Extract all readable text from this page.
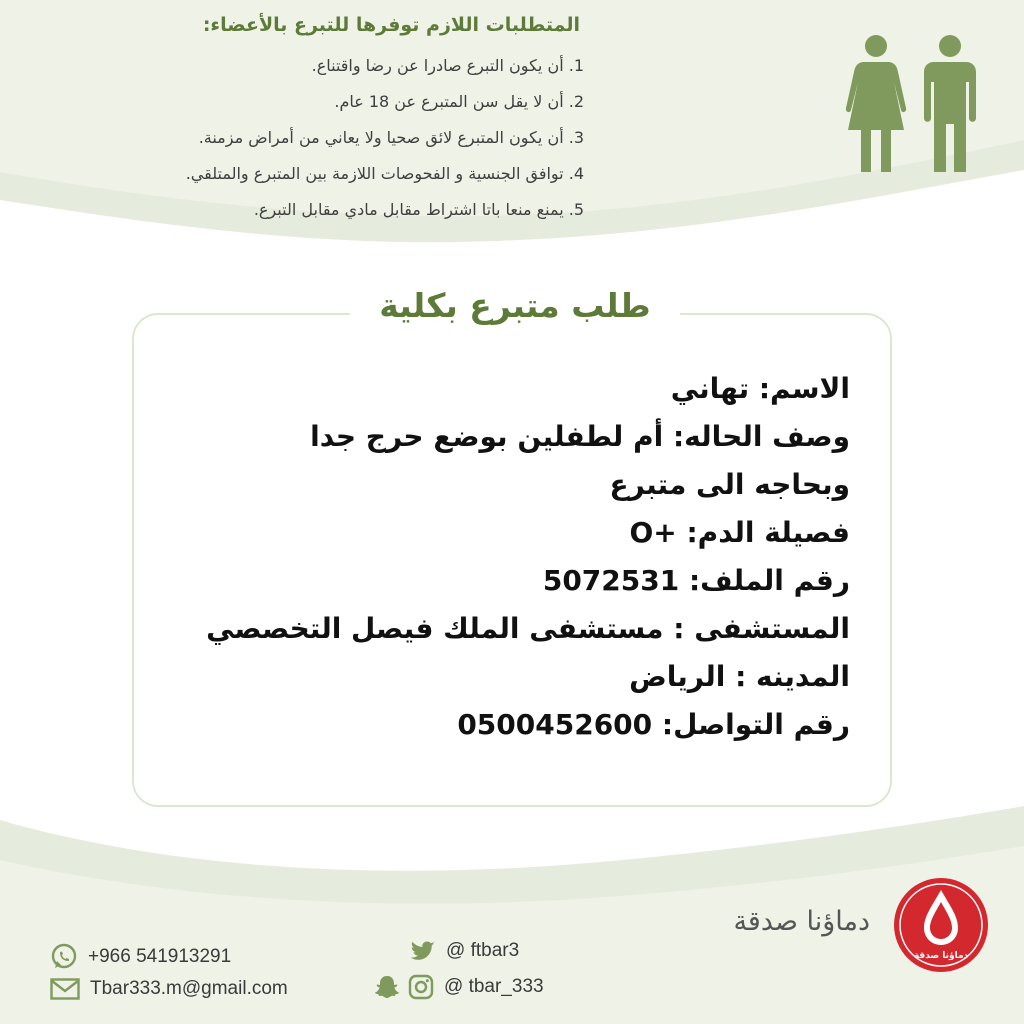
المتطلبات اللازم توفرها للتبرع بالأعضاء:
1. أن يكون التبرع صادرا عن رضا واقتناع.
2. أن لا يقل سن المتبرع عن 18 عام.
3. أن يكون المتبرع لائق صحيا ولا يعاني من أمراض مزمنة.
4. توافق الجنسية و الفحوصات اللازمة بين المتبرع والمتلقي.
5. يمنع منعا باتا اشتراط مقابل مادي مقابل التبرع.
طلب متبرع بكلية
الاسم: تهاني
وصف الحاله: أم لطفلين بوضع حرج جدا
وبحاجه الى متبرع
فصيلة الدم: O+
رقم الملف: 5072531
المستشفى : مستشفى الملك فيصل التخصصي
المدينه : الرياض
رقم التواصل: 0500452600
دماؤنا صدقة
دماؤنا صدقة
+966 541913291
Tbar333.m@gmail.com
@ ftbar3
@ tbar_333
